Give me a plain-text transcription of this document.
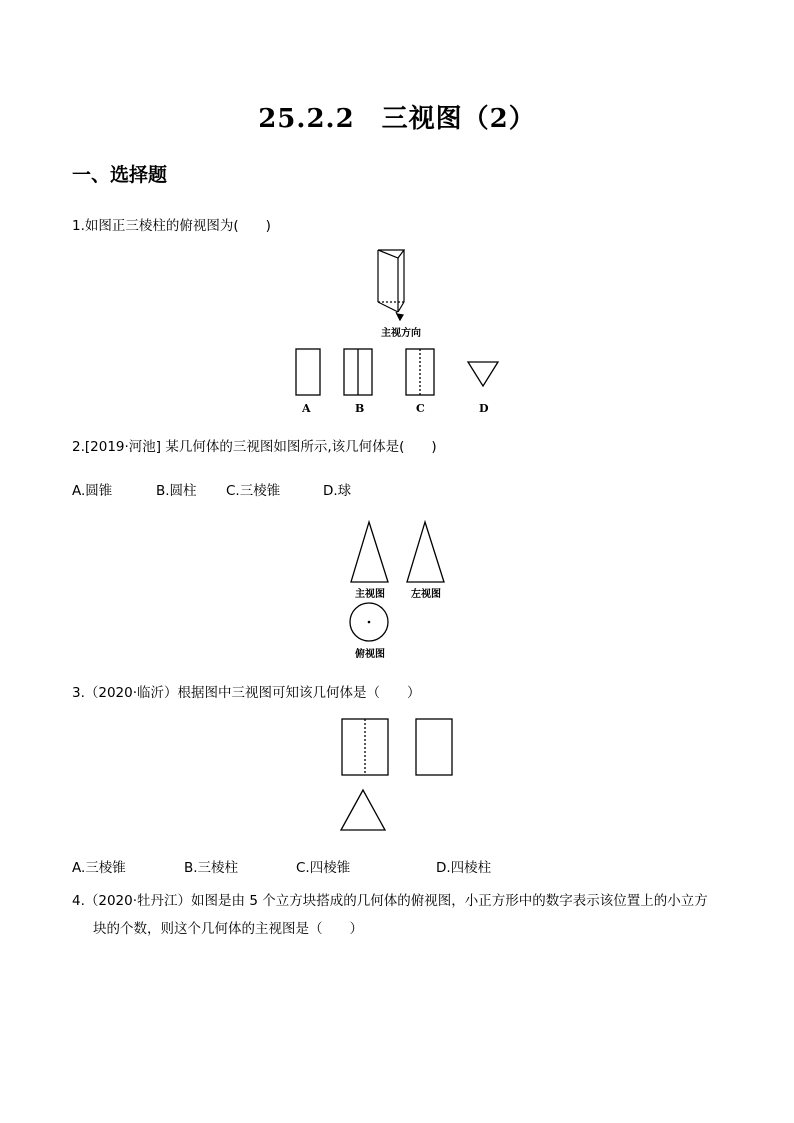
25.2.2　三视图（2）
一、选择题
1.如图正三棱柱的俯视图为(　　)
主视方向
A	B	C	D
2.[2019·河池] 某几何体的三视图如图所示,该几何体是(　　)
A.圆锥	B.圆柱 C.三棱锥	D.球
主视图	左视图
俯视图
3.（2020·临沂）根据图中三视图可知该几何体是（　　）
A.三棱锥	B.三棱柱	C.四棱锥	D.四棱柱
4.（2020·牡丹江）如图是由 5 个立方块搭成的几何体的俯视图，小正方形中的数字表示该位置上的小立方
块的个数，则这个几何体的主视图是（　　）
